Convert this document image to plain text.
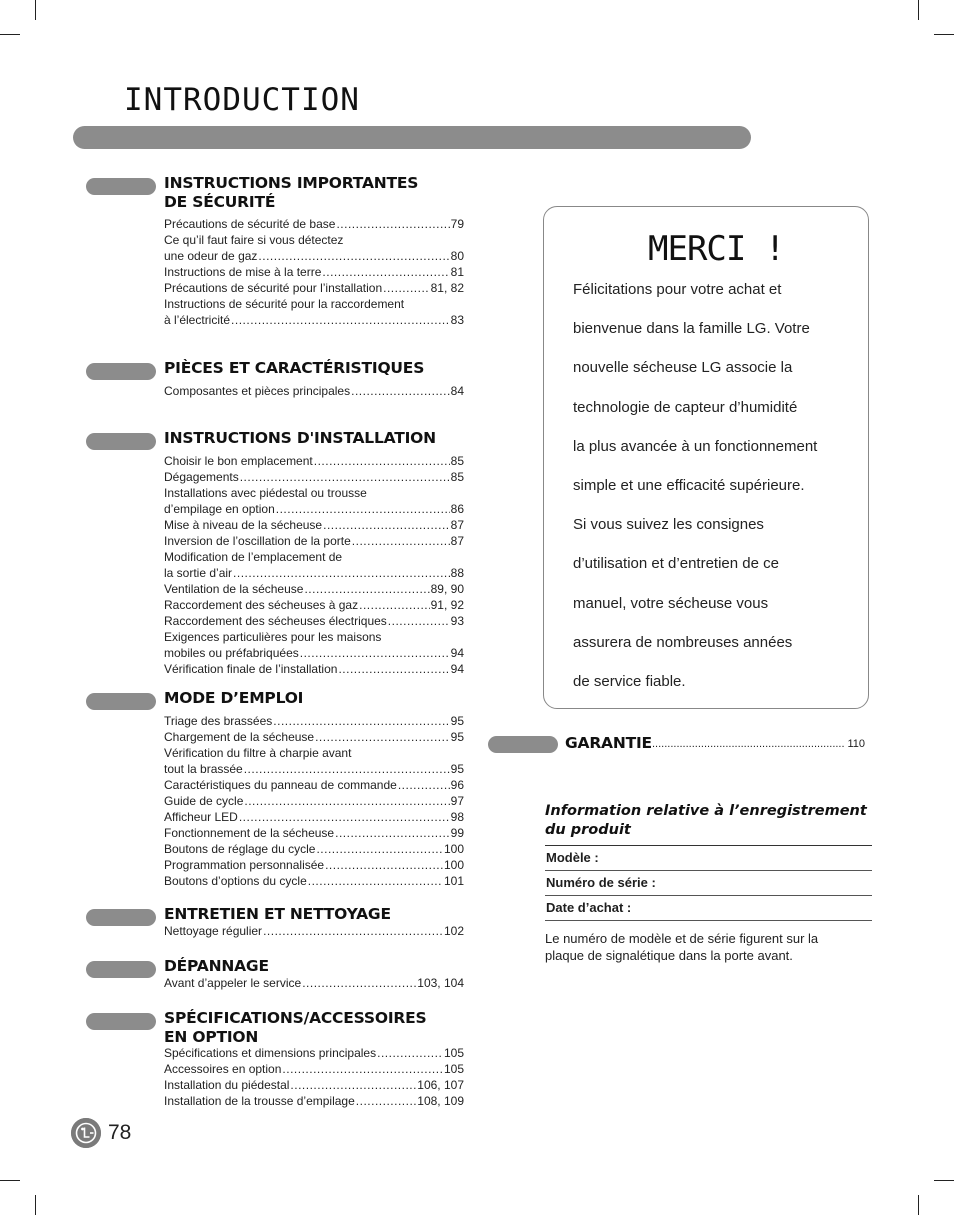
INTRODUCTION
INSTRUCTIONS IMPORTANTES
DE SÉCURITÉ
Précautions de sécurité de base .....	79
Ce qu’il faut faire si vous détectez
une odeur de gaz .....	80
Instructions de mise à la terre .....	81
Précautions de sécurité pour l’installation .....	81, 82
Instructions de sécurité pour la raccordement
à l’électricité .....	83
PIÈCES ET CARACTÉRISTIQUES
Composantes et pièces principales .....	84
INSTRUCTIONS D'INSTALLATION
Choisir le bon emplacement .....	85
Dégagements .....	85
Installations avec piédestal ou trousse
d’empilage en option .....	86
Mise à niveau de la sécheuse .....	87
Inversion de l’oscillation de la porte .....	87
Modification de l’emplacement de
la sortie d’air .....	88
Ventilation de la sécheuse .....	89, 90
Raccordement des sécheuses à gaz .....	91, 92
Raccordement des sécheuses électriques .....	93
Exigences particulières pour les maisons
mobiles ou préfabriquées .....	94
Vérification finale de l’installation .....	94
MODE D’EMPLOI
Triage des brassées .....	95
Chargement de la sécheuse .....	95
Vérification du filtre à charpie avant
tout la brassée .....	95
Caractéristiques du panneau de commande .....	96
Guide de cycle .....	97
Afficheur LED .....	98
Fonctionnement de la sécheuse .....	99
Boutons de réglage du cycle .....	100
Programmation personnalisée .....	100
Boutons d’options du cycle .....	101
ENTRETIEN ET NETTOYAGE
Nettoyage régulier .....	102
DÉPANNAGE
Avant d’appeler le service .....	103, 104
SPÉCIFICATIONS/ACCESSOIRES
EN OPTION
Spécifications et dimensions principales .....	105
Accessoires en option .....	105
Installation du piédestal .....	106, 107
Installation de la trousse d’empilage .....	108, 109
MERCI !
Félicitations pour votre achat et
bienvenue dans la famille LG. Votre
nouvelle sécheuse LG associe la
technologie de capteur d’humidité
la plus avancée à un fonctionnement
simple et une efficacité supérieure.
Si vous suivez les consignes
d’utilisation et d’entretien de ce
manuel, votre sécheuse vous
assurera de nombreuses années
de service fiable.
GARANTIE .....	110
Information relative à l’enregistrement
du produit
Modèle :
Numéro de série :
Date d’achat :
Le numéro de modèle et de série figurent sur la
plaque de signalétique dans la porte avant.
78
